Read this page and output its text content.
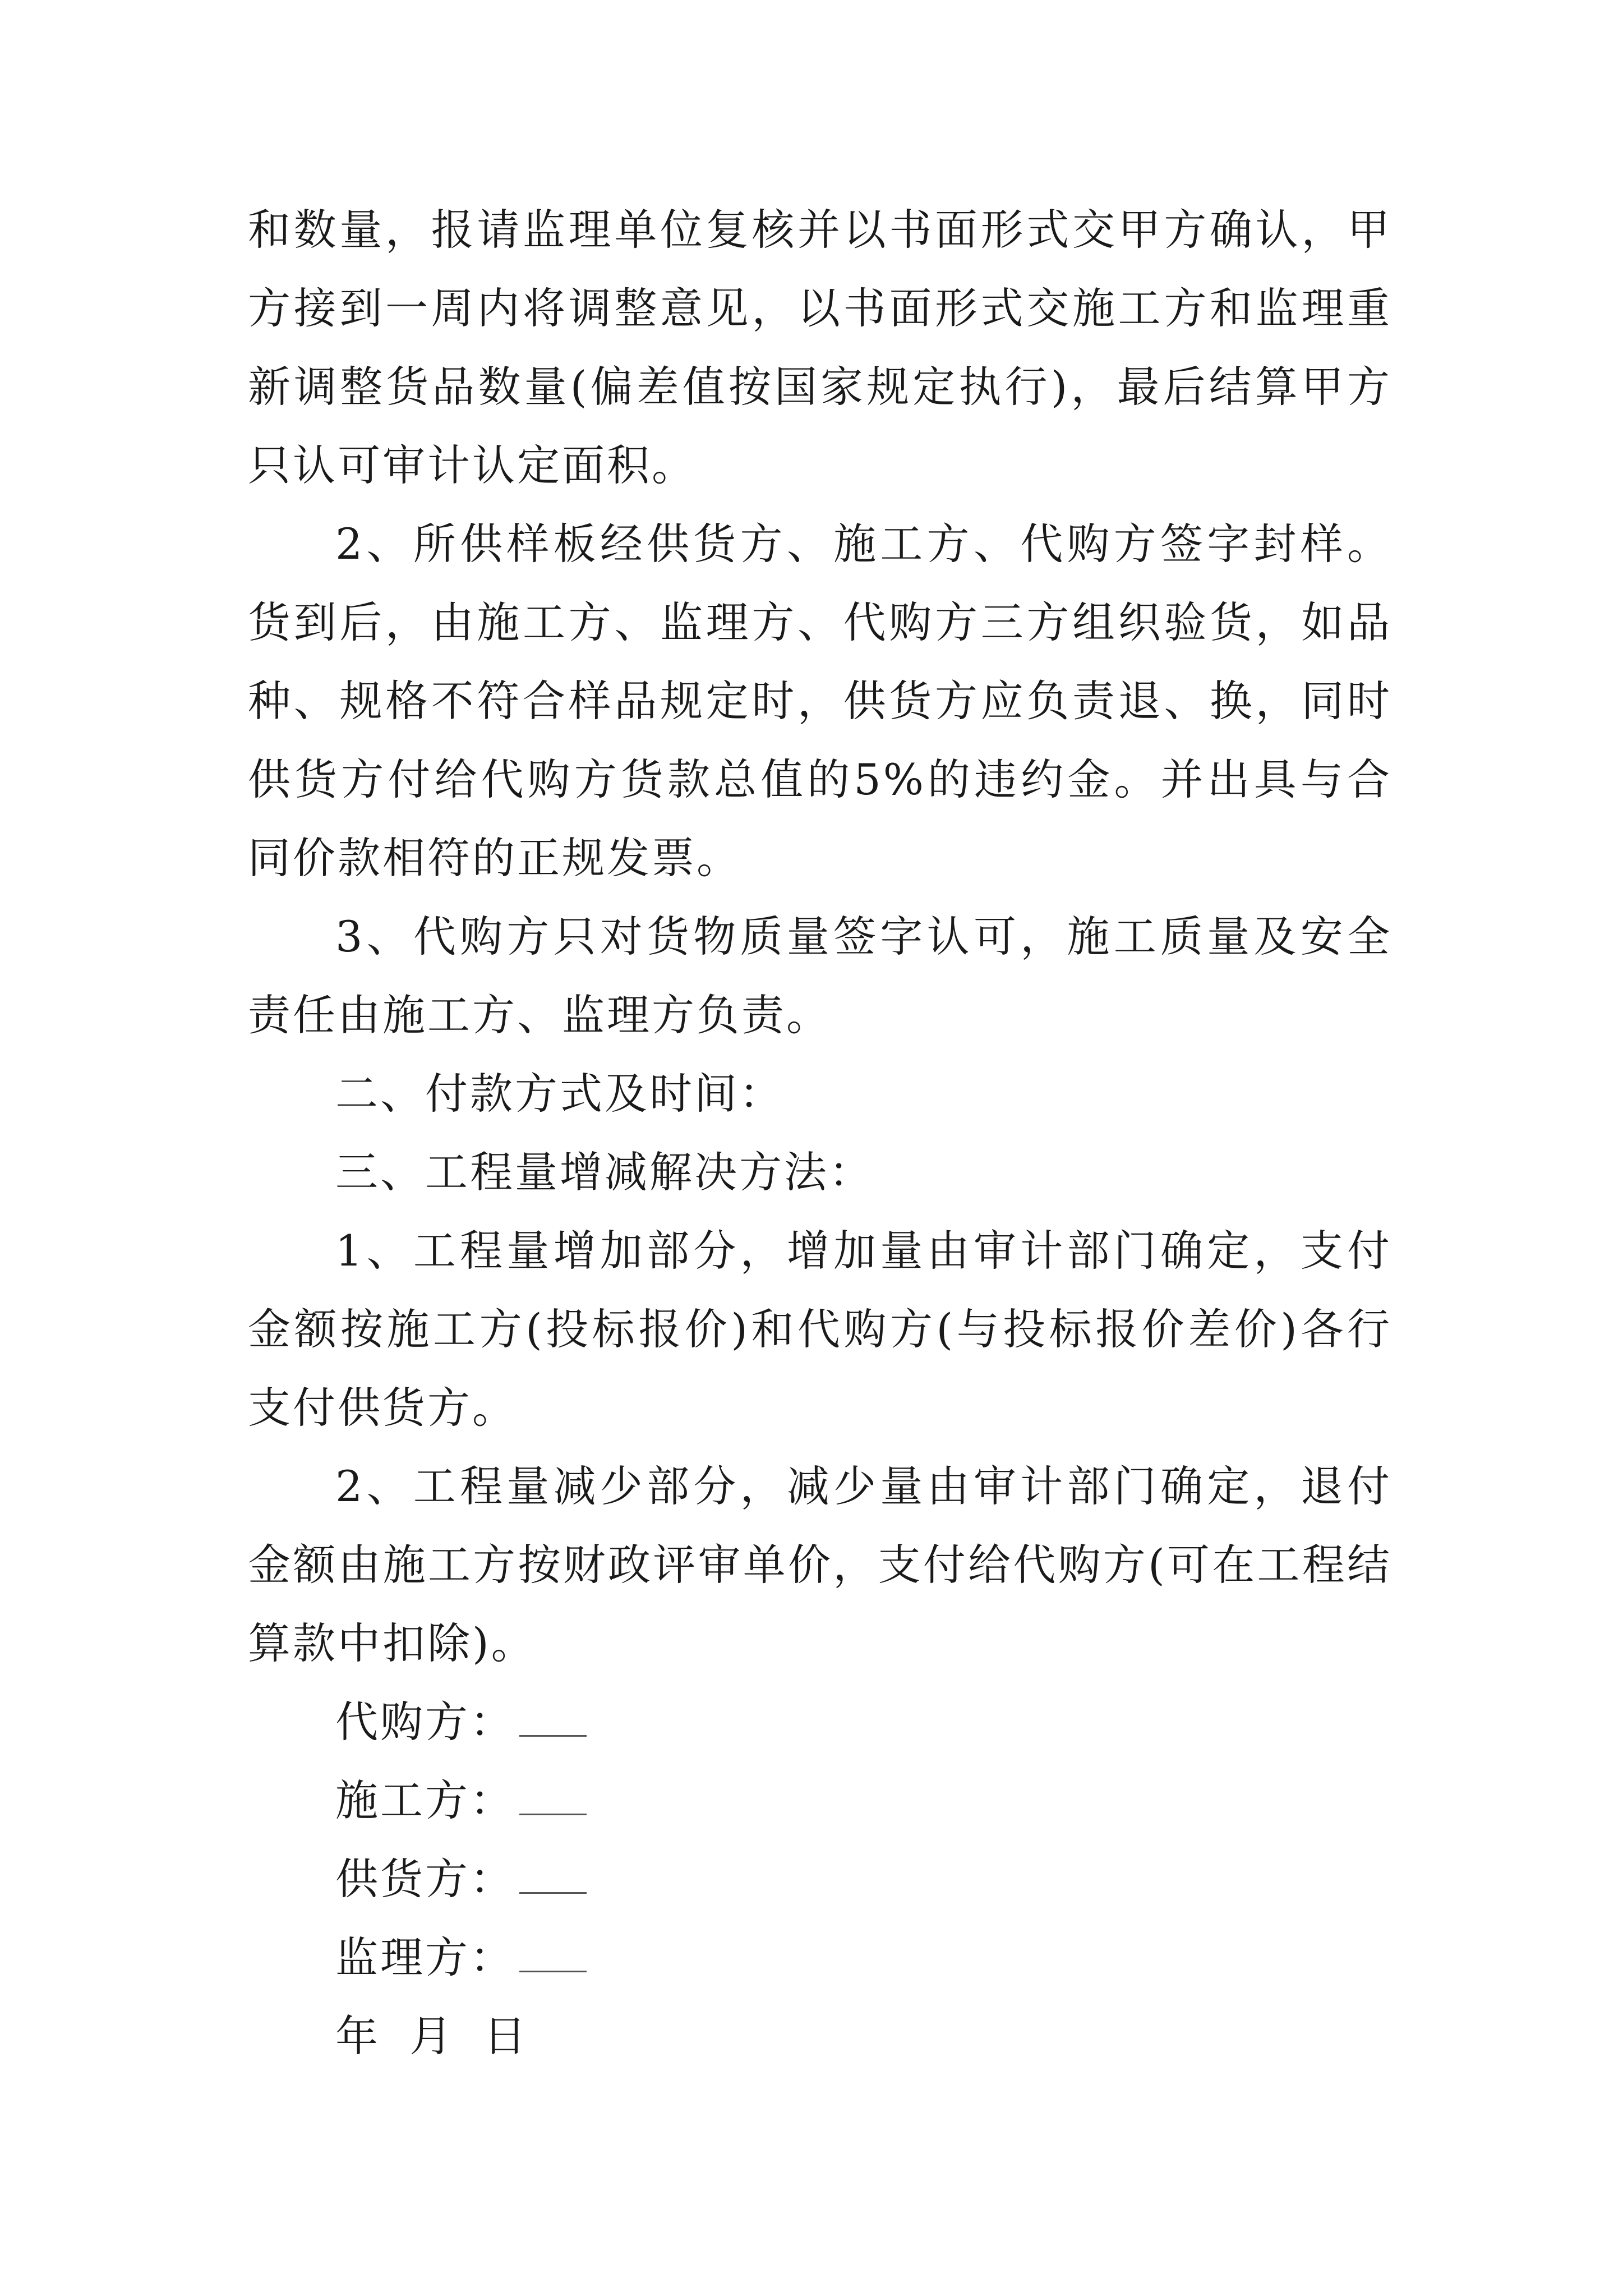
和数量，报请监理单位复核并以书面形式交甲方确认，甲方接到一周内将调整意见，以书面形式交施工方和监理重新调整货品数量(偏差值按国家规定执行)，最后结算甲方只认可审计认定面积。

2、所供样板经供货方、施工方、代购方签字封样。货到后，由施工方、监理方、代购方三方组织验货，如品种、规格不符合样品规定时，供货方应负责退、换，同时供货方付给代购方货款总值的5%的违约金。并出具与合同价款相符的正规发票。

3、代购方只对货物质量签字认可，施工质量及安全责任由施工方、监理方负责。

二、付款方式及时间：

三、工程量增减解决方法：

1、工程量增加部分，增加量由审计部门确定，支付金额按施工方(投标报价)和代购方(与投标报价差价)各行支付供货方。

2、工程量减少部分，减少量由审计部门确定，退付金额由施工方按财政评审单价，支付给代购方(可在工程结算款中扣除)。

代购方：
施工方：
供货方：
监理方：
年 月 日
